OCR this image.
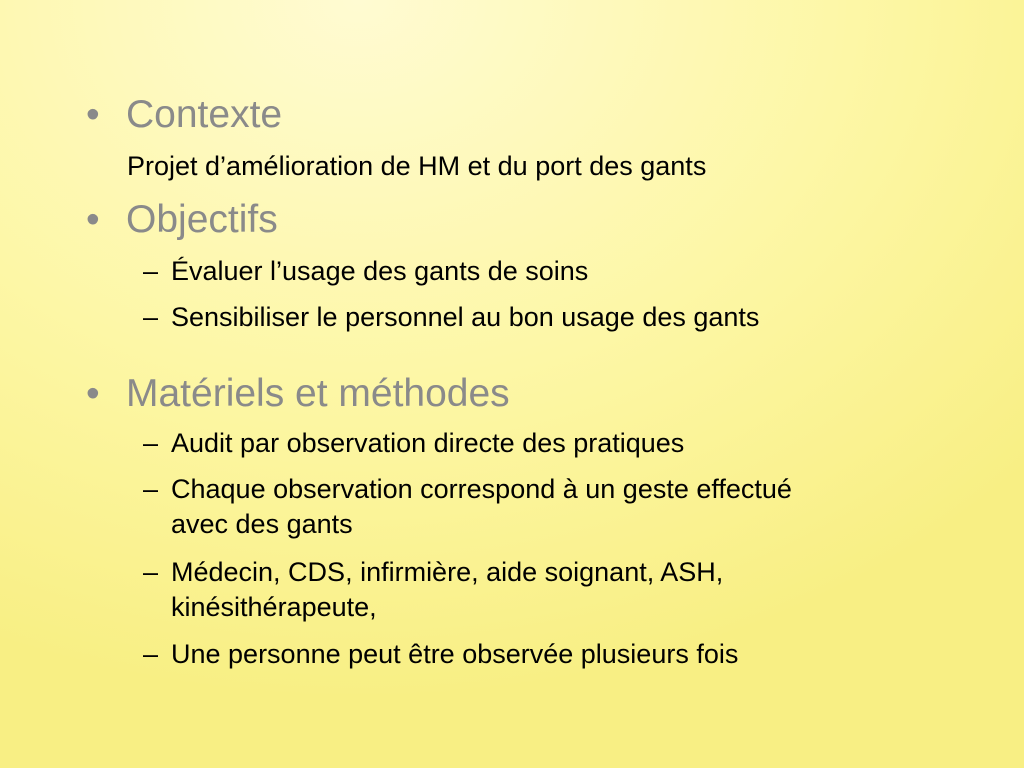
• Contexte
Projet d’amélioration de HM et du port des gants
• Objectifs
– Évaluer l’usage des gants de soins
– Sensibiliser le personnel au bon usage des gants
• Matériels et méthodes
– Audit par observation directe des pratiques
– Chaque observation correspond à un geste effectué avec des gants
– Médecin, CDS, infirmière, aide soignant, ASH, kinésithérapeute,
– Une personne peut être observée plusieurs fois
